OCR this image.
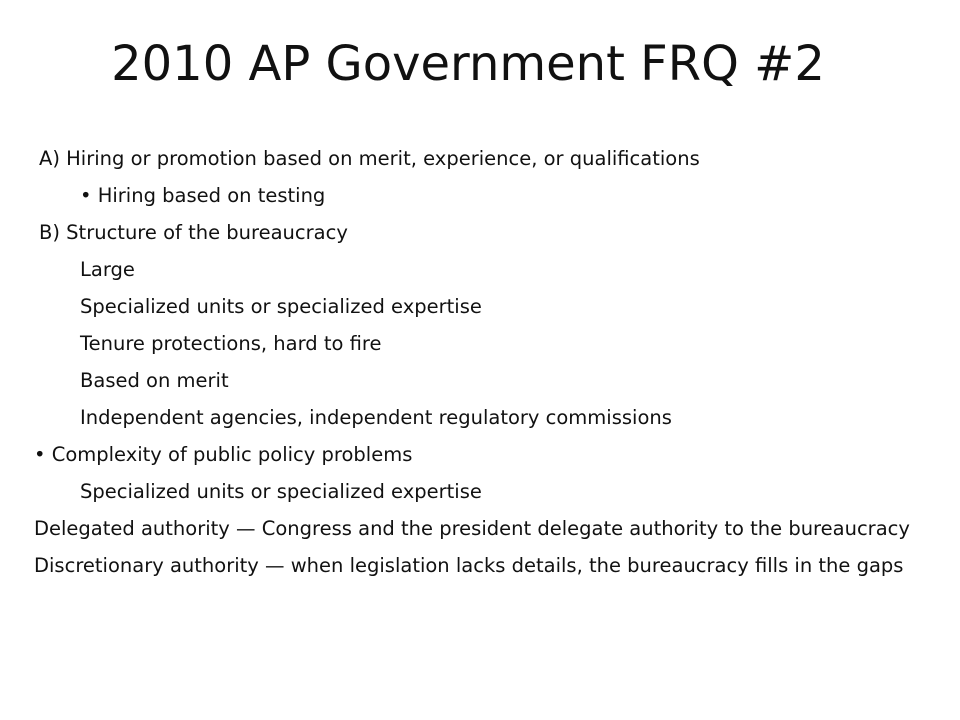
2010 AP Government FRQ #2
A) Hiring or promotion based on merit, experience, or qualifications
• Hiring based on testing
B) Structure of the bureaucracy
Large
Specialized units or specialized expertise
Tenure protections, hard to fire
Based on merit
Independent agencies, independent regulatory commissions
• Complexity of public policy problems
Specialized units or specialized expertise
Delegated authority — Congress and the president delegate authority to the bureaucracy
Discretionary authority — when legislation lacks details, the bureaucracy fills in the gaps
